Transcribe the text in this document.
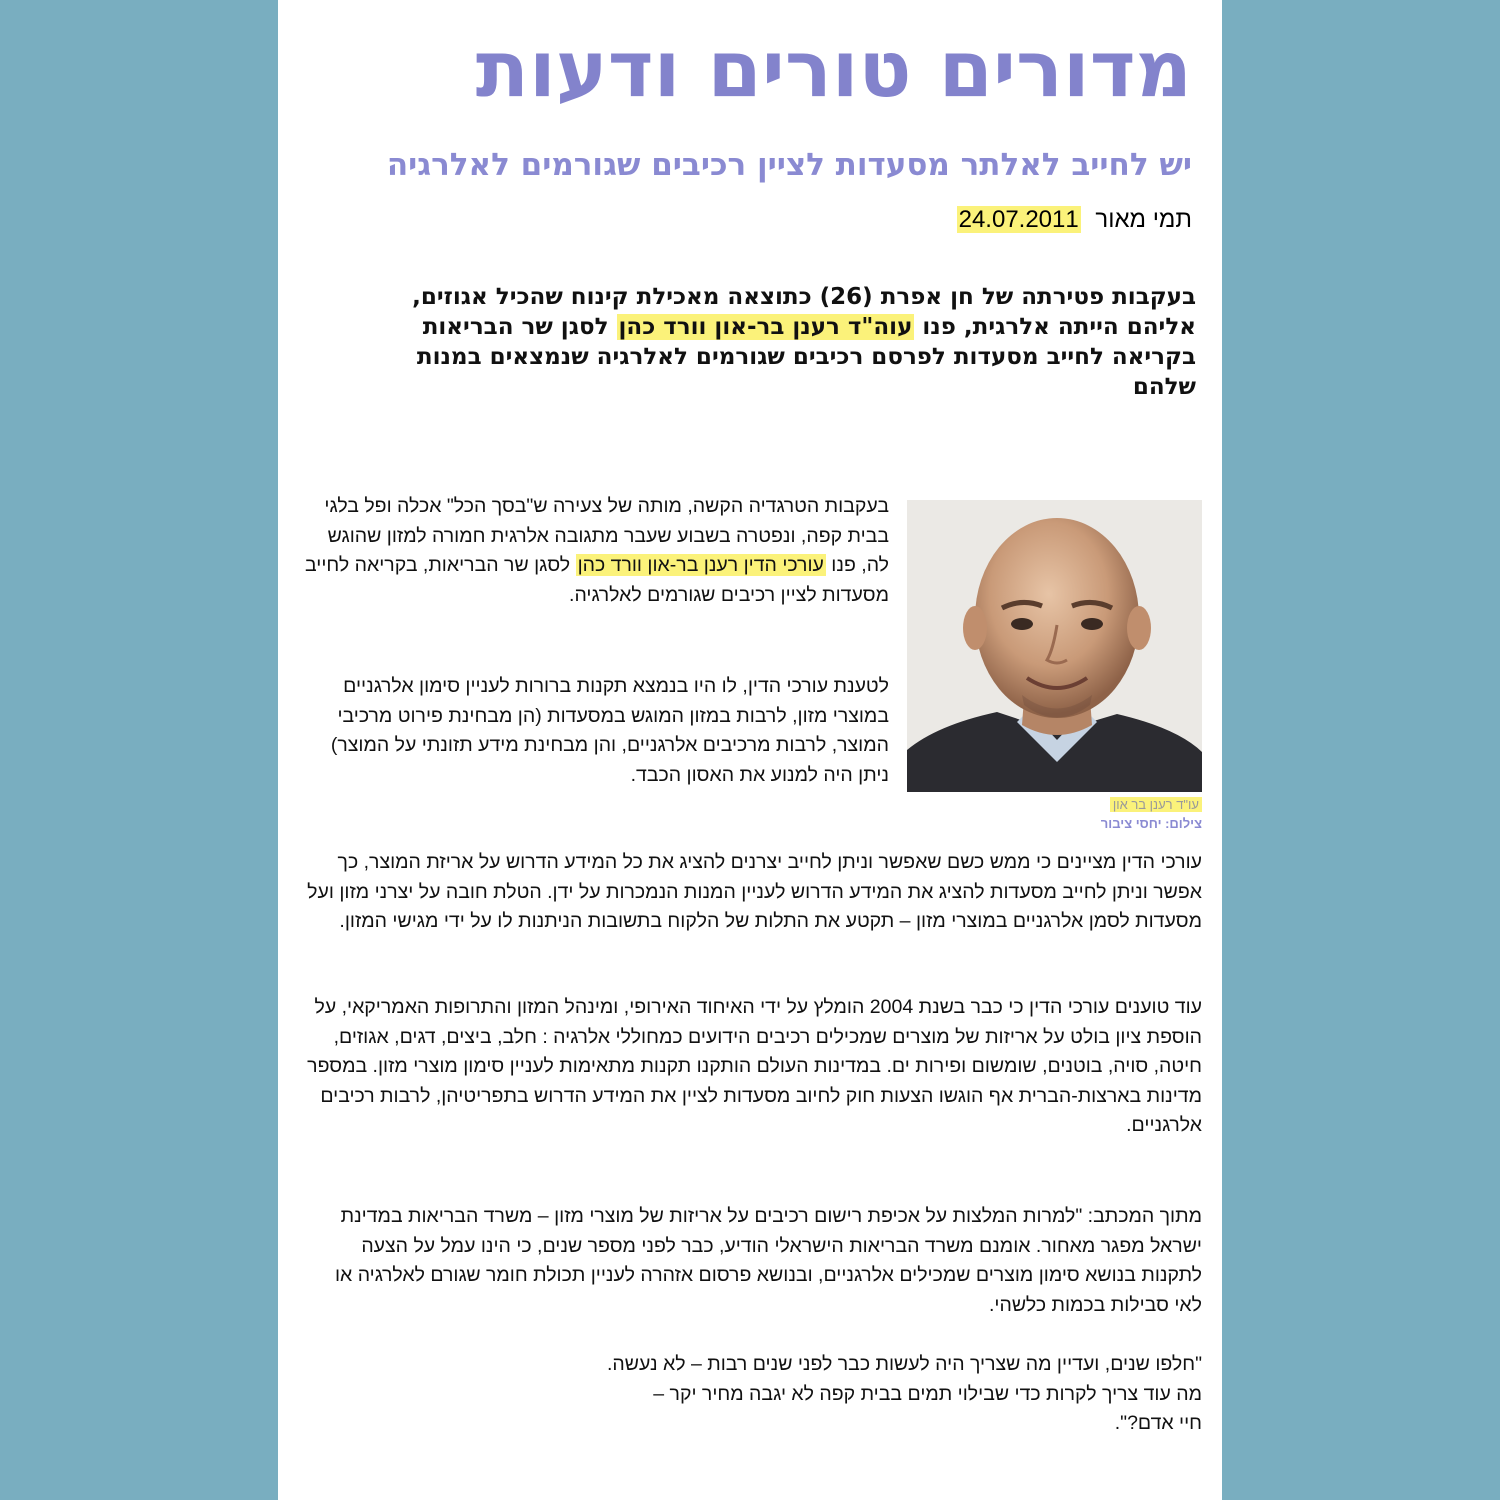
מדורים טורים ודעות
יש לחייב לאלתר מסעדות לציין רכיבים שגורמים לאלרגיה
תמי מאור 24.07.2011

בעקבות פטירתה של חן אפרת (26) כתוצאה מאכילת קינוח שהכיל אגוזים, אליהם הייתה אלרגית, פנו עוה"ד רענן בר-און וורד כהן לסגן שר הבריאות בקריאה לחייב מסעדות לפרסם רכיבים שגורמים לאלרגיה שנמצאים במנות שלהם

בעקבות הטרגדיה הקשה, מותה של צעירה ש"בסך הכל" אכלה ופל בלגי בבית קפה, ונפטרה בשבוע שעבר מתגובה אלרגית חמורה למזון שהוגש לה, פנו עורכי הדין רענן בר-און וורד כהן לסגן שר הבריאות, בקריאה לחייב מסעדות לציין רכיבים שגורמים לאלרגיה.

לטענת עורכי הדין, לו היו בנמצא תקנות ברורות לעניין סימון אלרגניים במוצרי מזון, לרבות במזון המוגש במסעדות (הן מבחינת פירוט מרכיבי המוצר, לרבות מרכיבים אלרגניים, והן מבחינת מידע תזונתי על המוצר) ניתן היה למנוע את האסון הכבד.

עו"ד רענן בר און
צילום: יחסי ציבור

עורכי הדין מציינים כי ממש כשם שאפשר וניתן לחייב יצרנים להציג את כל המידע הדרוש על אריזת המוצר, כך אפשר וניתן לחייב מסעדות להציג את המידע הדרוש לעניין המנות הנמכרות על ידן. הטלת חובה על יצרני מזון ועל מסעדות לסמן אלרגניים במוצרי מזון – תקטע את התלות של הלקוח בתשובות הניתנות לו על ידי מגישי המזון.

עוד טוענים עורכי הדין כי כבר בשנת 2004 הומלץ על ידי האיחוד האירופי, ומינהל המזון והתרופות האמריקאי, על הוספת ציון בולט על אריזות של מוצרים שמכילים רכיבים הידועים כמחוללי אלרגיה : חלב, ביצים, דגים, אגוזים, חיטה, סויה, בוטנים, שומשום ופירות ים. במדינות העולם הותקנו תקנות מתאימות לעניין סימון מוצרי מזון. במספר מדינות בארצות-הברית אף הוגשו הצעות חוק לחיוב מסעדות לציין את המידע הדרוש בתפריטיהן, לרבות רכיבים אלרגניים.

מתוך המכתב: "למרות המלצות על אכיפת רישום רכיבים על אריזות של מוצרי מזון – משרד הבריאות במדינת ישראל מפגר מאחור. אומנם משרד הבריאות הישראלי הודיע, כבר לפני מספר שנים, כי הינו עמל על הצעה לתקנות בנושא סימון מוצרים שמכילים אלרגניים, ובנושא פרסום אזהרה לעניין תכולת חומר שגורם לאלרגיה או לאי סבילות בכמות כלשהי.

"חלפו שנים, ועדיין מה שצריך היה לעשות כבר לפני שנים רבות – לא נעשה.
מה עוד צריך לקרות כדי שבילוי תמים בבית קפה לא יגבה מחיר יקר –
חיי אדם?".
